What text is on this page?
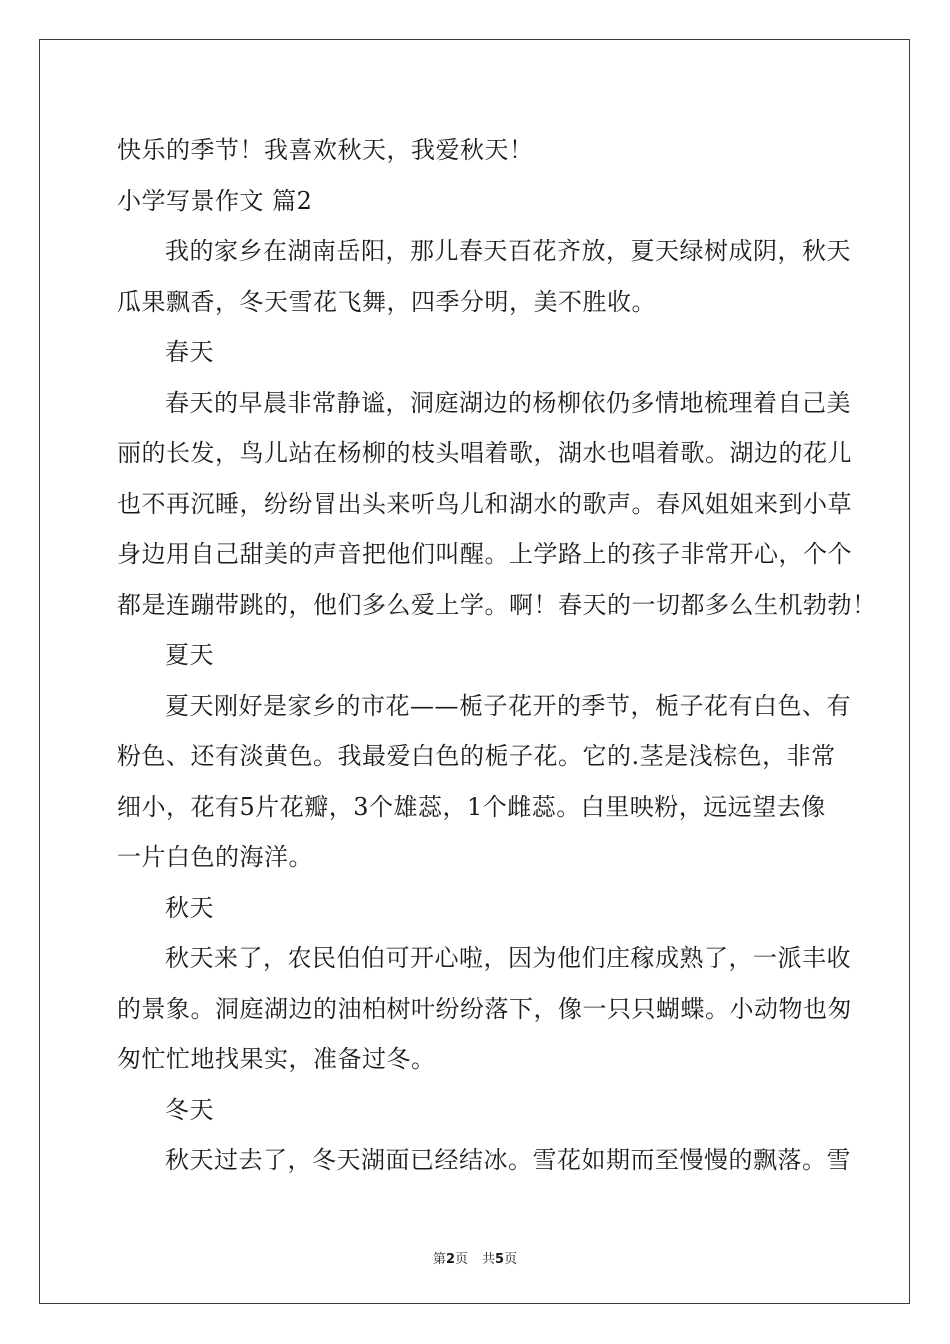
快乐的季节！我喜欢秋天，我爱秋天！
小学写景作文 篇2
我的家乡在湖南岳阳，那儿春天百花齐放，夏天绿树成阴，秋天
瓜果飘香，冬天雪花飞舞，四季分明，美不胜收。
春天
春天的早晨非常静谧，洞庭湖边的杨柳依仍多情地梳理着自己美
丽的长发，鸟儿站在杨柳的枝头唱着歌，湖水也唱着歌。湖边的花儿
也不再沉睡，纷纷冒出头来听鸟儿和湖水的歌声。春风姐姐来到小草
身边用自己甜美的声音把他们叫醒。上学路上的孩子非常开心，个个
都是连蹦带跳的，他们多么爱上学。啊！春天的一切都多么生机勃勃！
夏天
夏天刚好是家乡的市花——栀子花开的季节，栀子花有白色、有
粉色、还有淡黄色。我最爱白色的栀子花。它的.茎是浅棕色，非常
细小，花有5片花瓣，3个雄蕊，1个雌蕊。白里映粉，远远望去像
一片白色的海洋。
秋天
秋天来了，农民伯伯可开心啦，因为他们庄稼成熟了，一派丰收
的景象。洞庭湖边的油柏树叶纷纷落下，像一只只蝴蝶。小动物也匆
匆忙忙地找果实，准备过冬。
冬天
秋天过去了，冬天湖面已经结冰。雪花如期而至慢慢的飘落。雪
第2页 共5页
